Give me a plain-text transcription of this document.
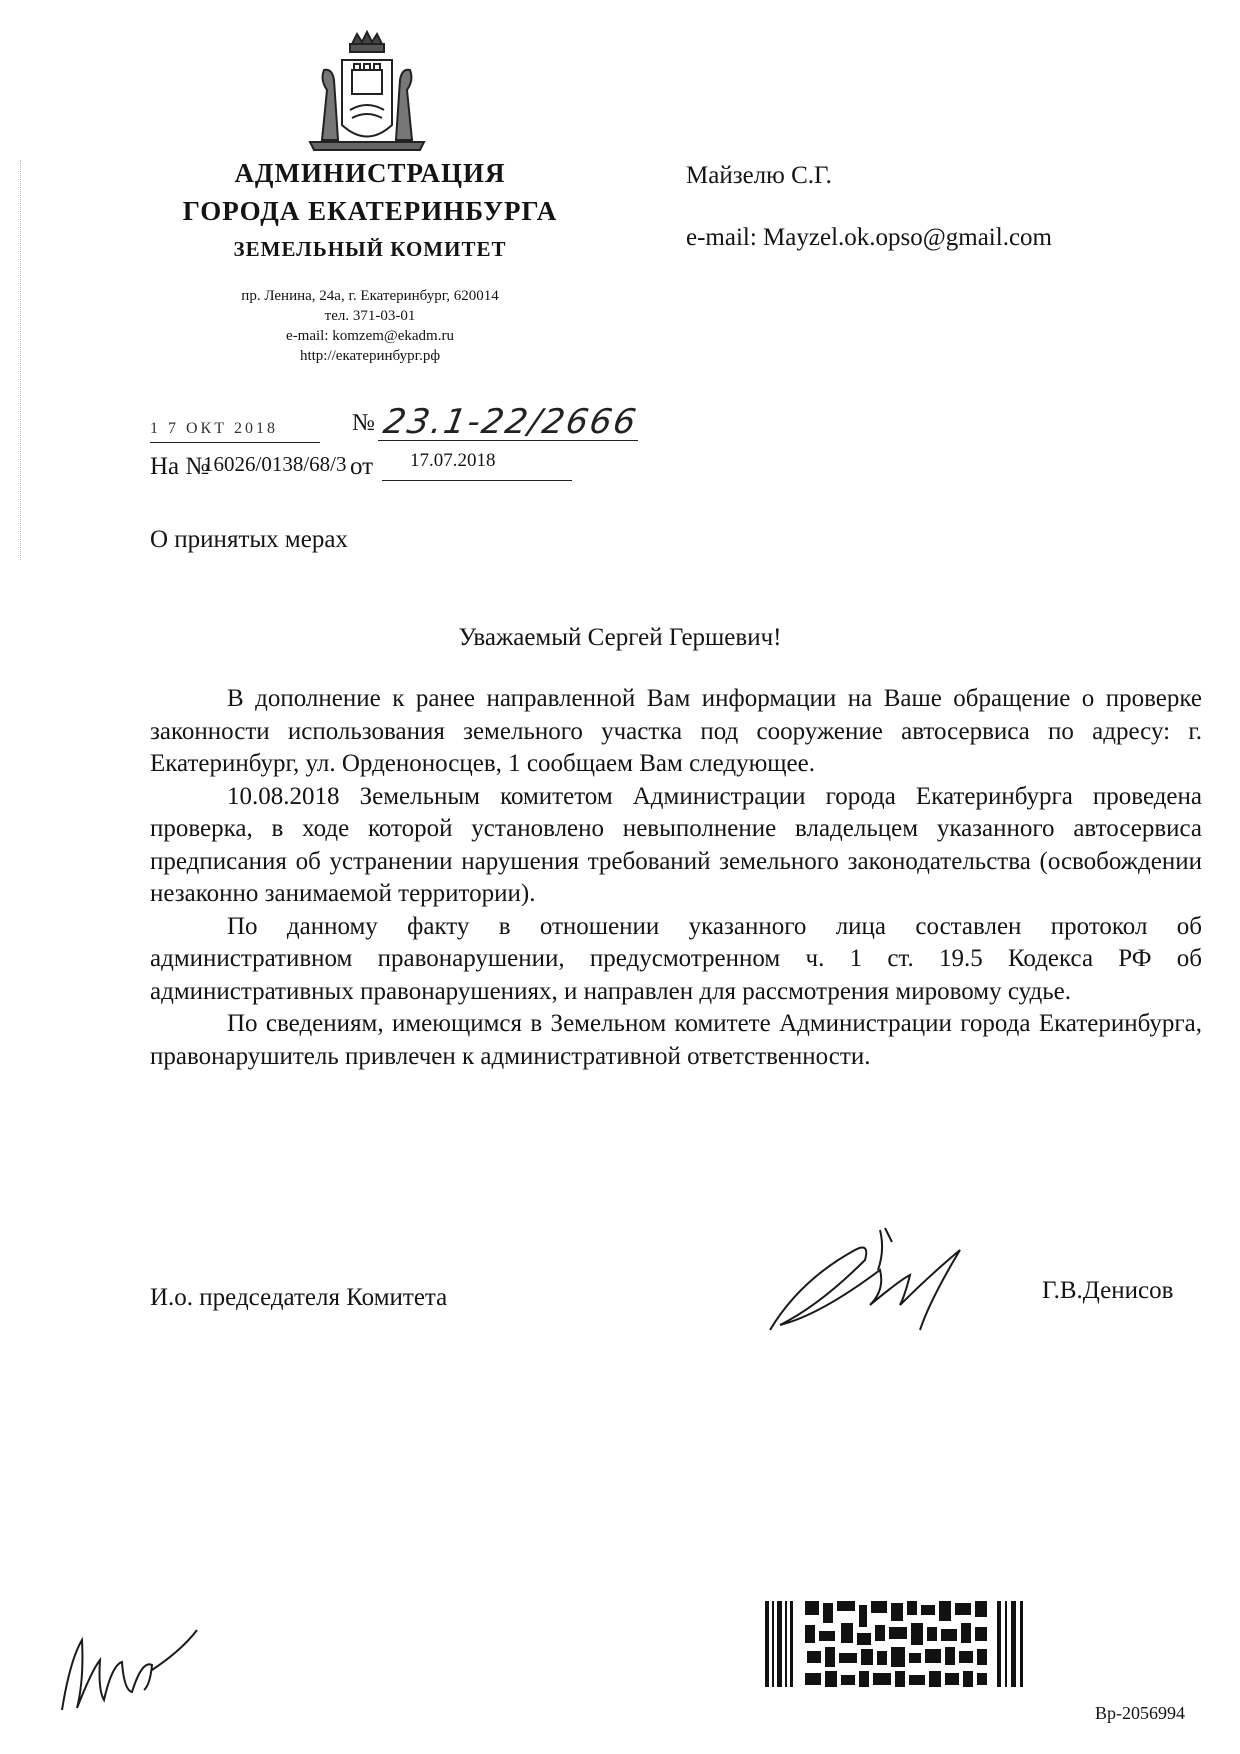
АДМИНИСТРАЦИЯ
ГОРОДА ЕКАТЕРИНБУРГА
ЗЕМЕЛЬНЫЙ КОМИТЕТ
пр. Ленина, 24а, г. Екатеринбург, 620014
тел. 371-03-01
e-mail: komzem@ekadm.ru
http://екатеринбург.рф
Майзелю С.Г.
e-mail: Mayzel.ok.opso@gmail.com
1 7 ОКТ 2018	№ 23.1-22/2666
На №
16026/0138/68/3 от 17.07.2018
О принятых мерах
Уважаемый Сергей Гершевич!

В дополнение к ранее направленной Вам информации на Ваше обращение о проверке законности использования земельного участка под сооружение автосервиса по адресу: г. Екатеринбург, ул. Орденоносцев, 1 сообщаем Вам следующее.

10.08.2018 Земельным комитетом Администрации города Екатеринбурга проведена проверка, в ходе которой установлено невыполнение владельцем указанного автосервиса предписания об устранении нарушения требований земельного законодательства (освобождении незаконно занимаемой территории).

По данному факту в отношении указанного лица составлен протокол об административном правонарушении, предусмотренном ч. 1 ст. 19.5 Кодекса РФ об административных правонарушениях, и направлен для рассмотрения мировому судье.

По сведениям, имеющимся в Земельном комитете Администрации города Екатеринбурга, правонарушитель привлечен к административной ответственности.

И.о. председателя Комитета	Г.В.Денисов
Вр-2056994
